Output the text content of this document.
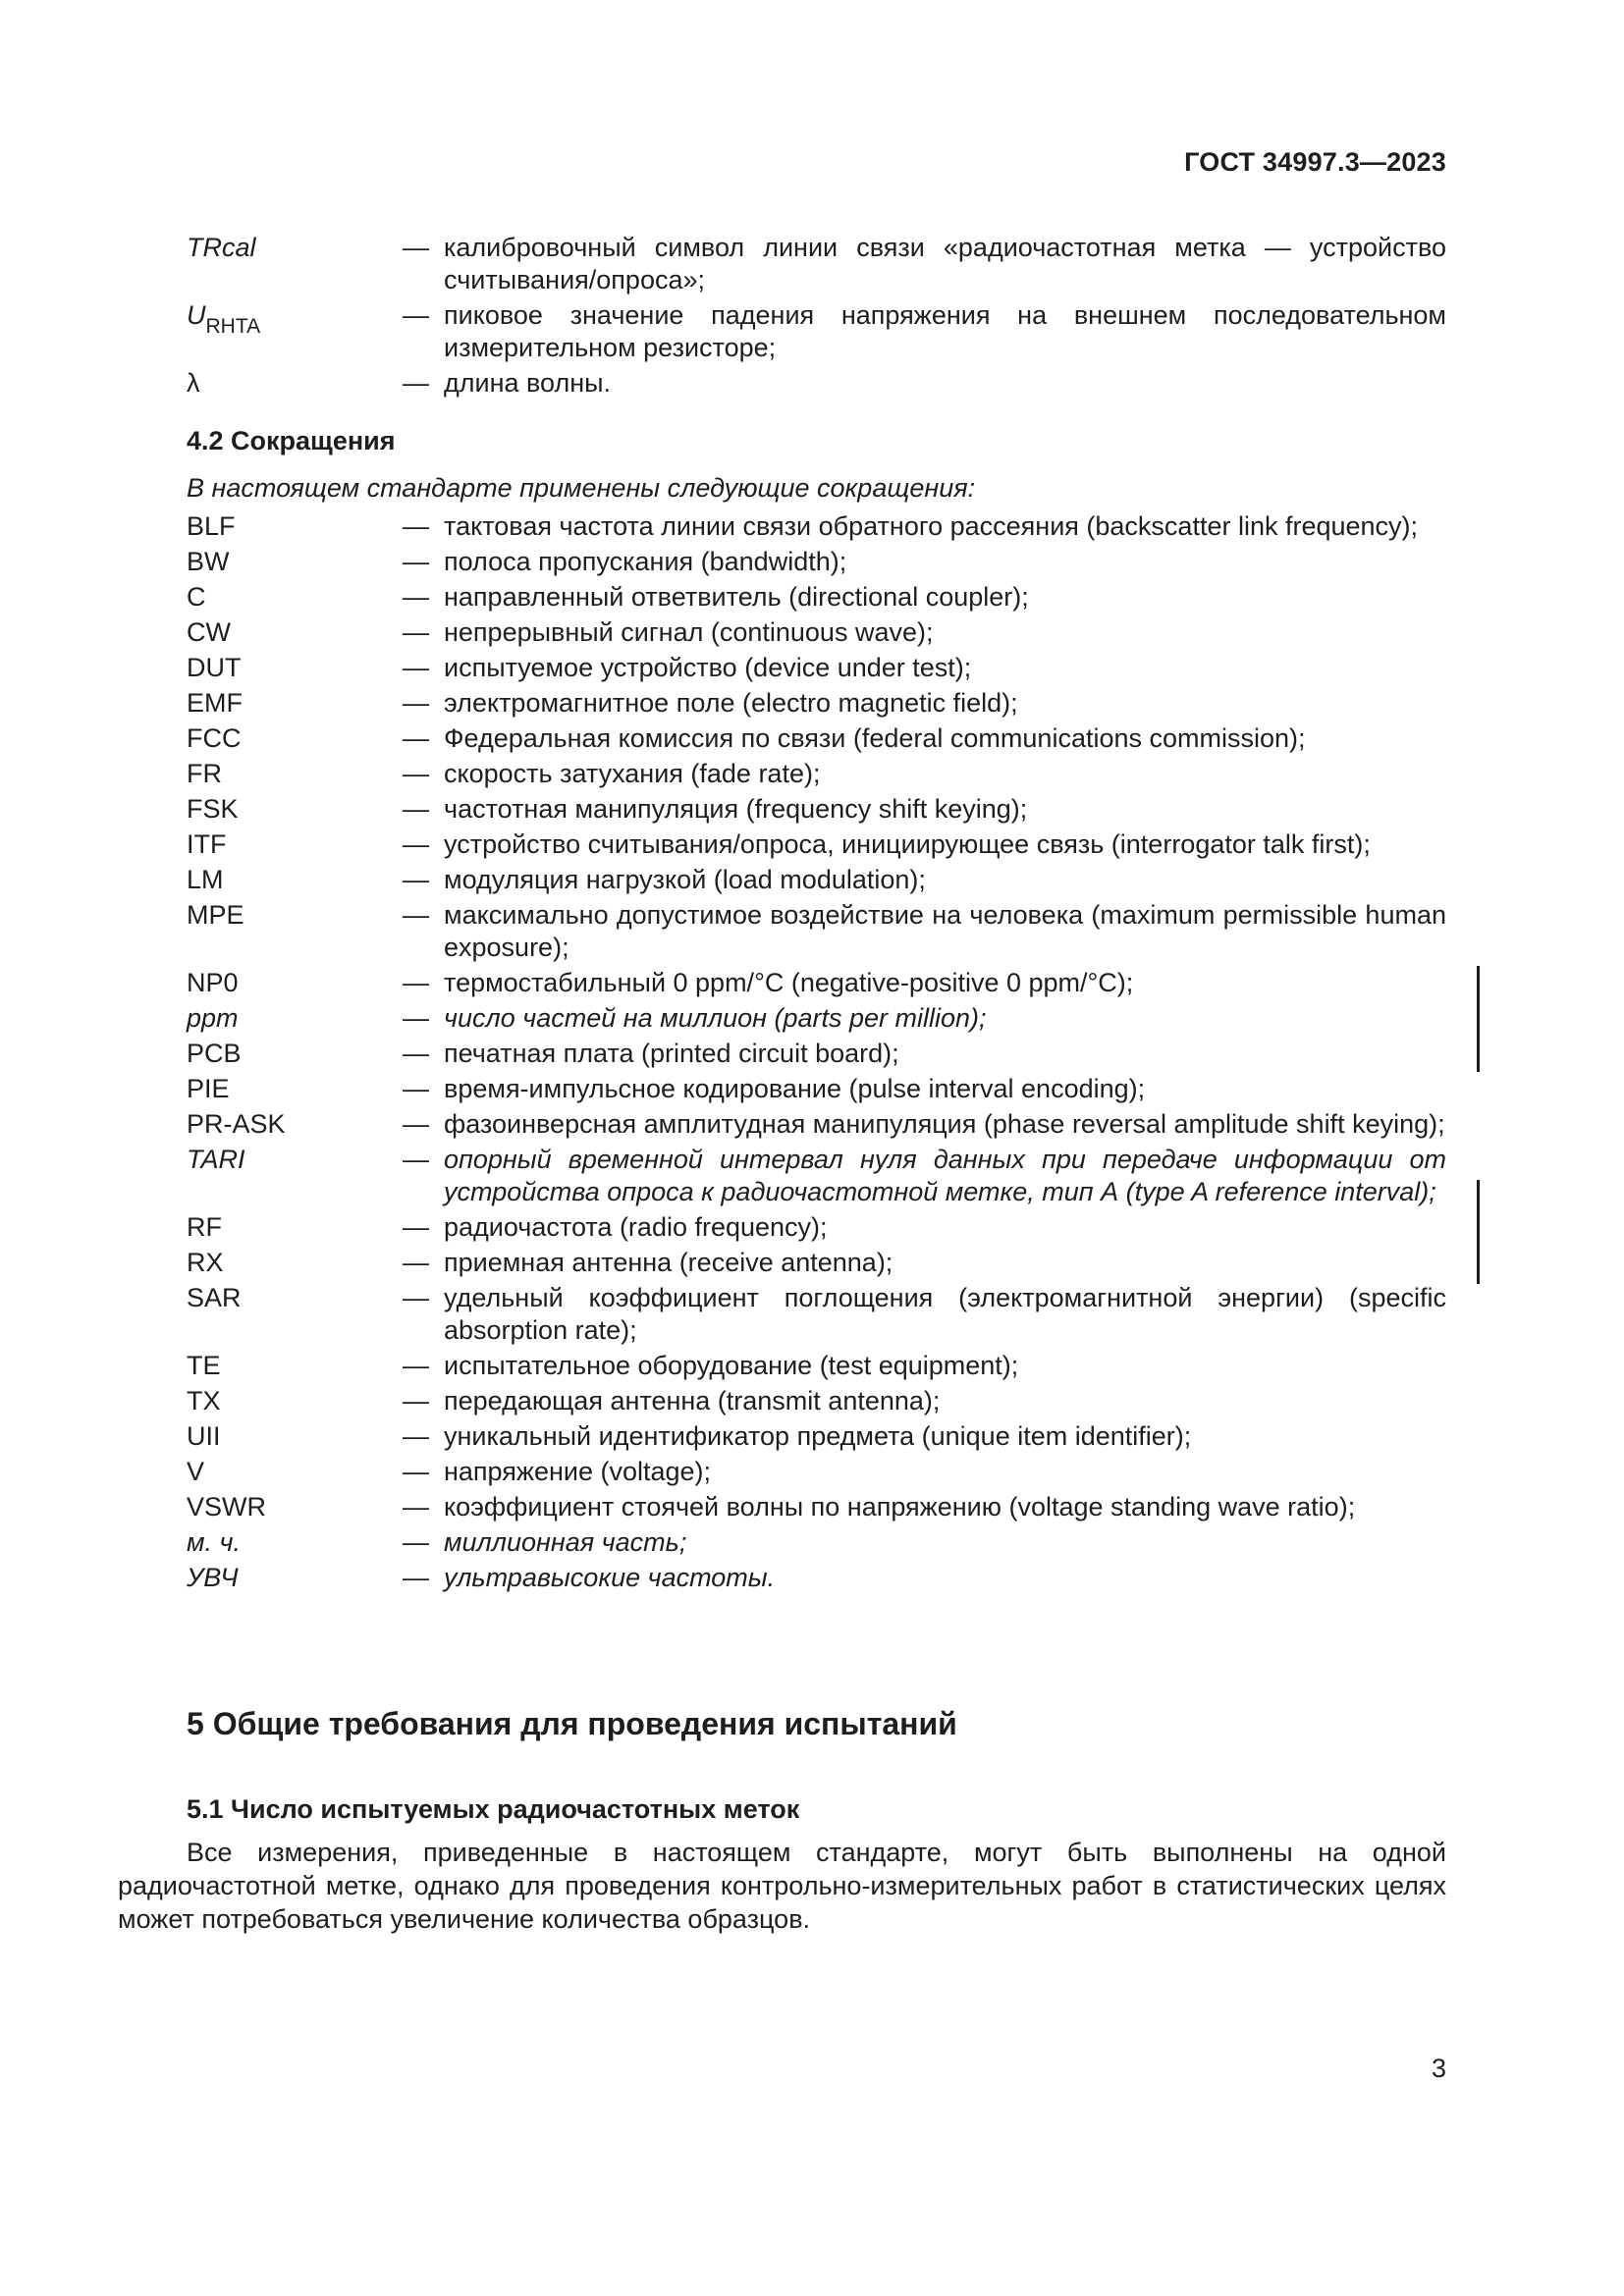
ГОСТ 34997.3—2023
TRcal	— калибровочный символ линии связи «радиочастотная метка — устройство считывания/опроса»;
$U_{RHTA}$	— пиковое значение падения напряжения на внешнем последовательном измерительном резисторе;
λ	— длина волны.
4.2 Сокращения
В настоящем стандарте применены следующие сокращения:
BLF	— тактовая частота линии связи обратного рассеяния (backscatter link frequency);
BW	— полоса пропускания (bandwidth);
C	— направленный ответвитель (directional coupler);
CW	— непрерывный сигнал (continuous wave);
DUT	— испытуемое устройство (device under test);
EMF	— электромагнитное поле (electro magnetic field);
FCC	— Федеральная комиссия по связи (federal communications commission);
FR	— скорость затухания (fade rate);
FSK	— частотная манипуляция (frequency shift keying);
ITF	— устройство считывания/опроса, инициирующее связь (interrogator talk first);
LM	— модуляция нагрузкой (load modulation);
MPE	— максимально допустимое воздействие на человека (maximum permissible human exposure);
NP0	— термостабильный 0 ppm/°C (negative-positive 0 ppm/°C);
ppm	— число частей на миллион (parts per million);
PCB	— печатная плата (printed circuit board);
PIE	— время-импульсное кодирование (pulse interval encoding);
PR-ASK	— фазоинверсная амплитудная манипуляция (phase reversal amplitude shift keying);
TARI	— опорный временной интервал нуля данных при передаче информации от устройства опроса к радиочастотной метке, тип А (type A reference interval);
RF	— радиочастота (radio frequency);
RX	— приемная антенна (receive antenna);
SAR	— удельный коэффициент поглощения (электромагнитной энергии) (specific absorption rate);
TE	— испытательное оборудование (test equipment);
TX	— передающая антенна (transmit antenna);
UII	— уникальный идентификатор предмета (unique item identifier);
V	— напряжение (voltage);
VSWR	— коэффициент стоячей волны по напряжению (voltage standing wave ratio);
м. ч.	— миллионная часть;
УВЧ	— ультравысокие частоты.
5 Общие требования для проведения испытаний
5.1 Число испытуемых радиочастотных меток
Все измерения, приведенные в настоящем стандарте, могут быть выполнены на одной радиочастотной метке, однако для проведения контрольно-измерительных работ в статистических целях может потребоваться увеличение количества образцов.
3
